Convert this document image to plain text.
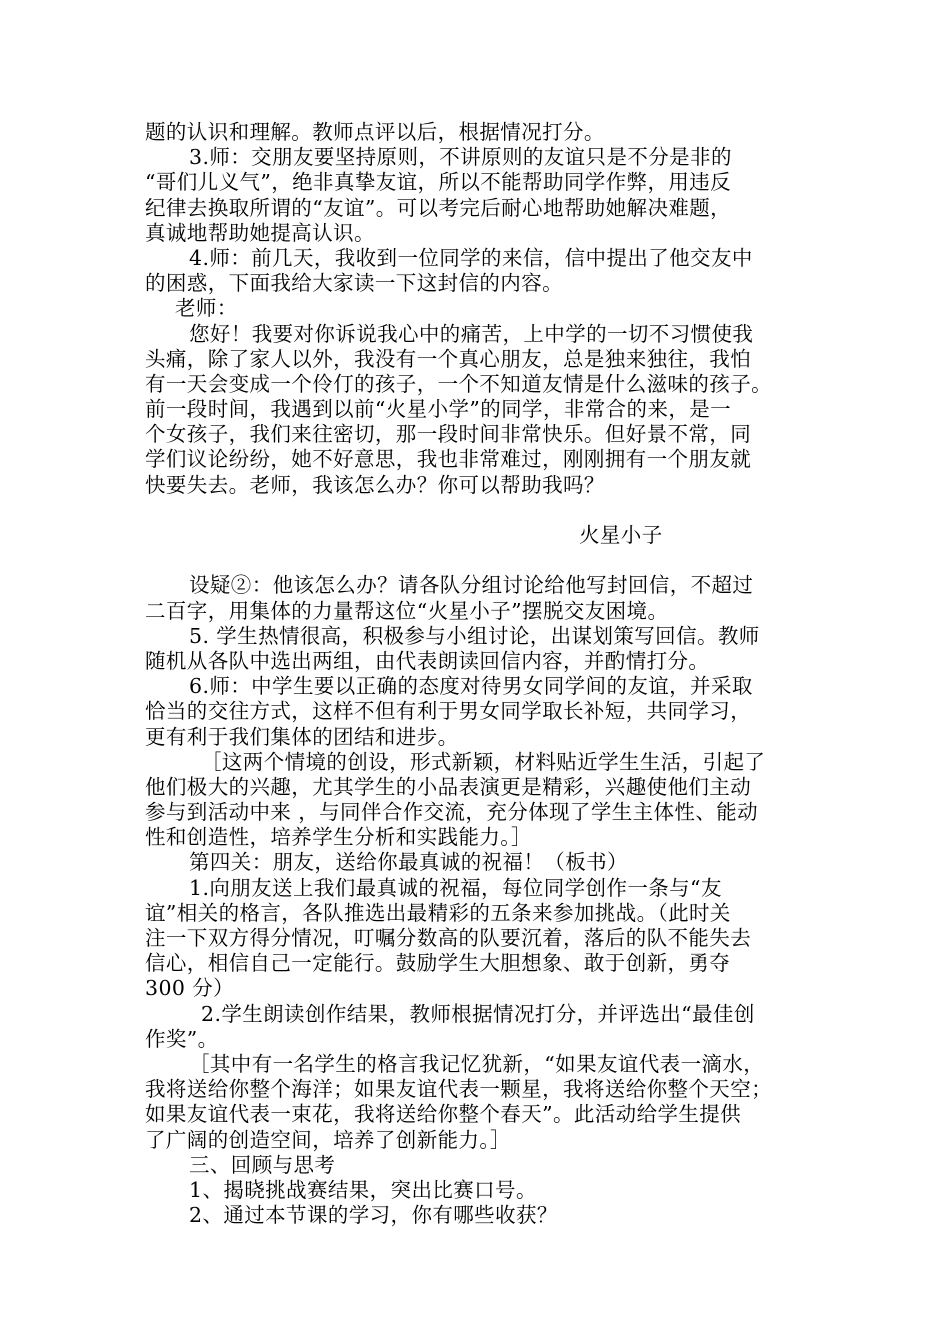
题的认识和理解。教师点评以后，根据情况打分。
3.师：交朋友要坚持原则，不讲原则的友谊只是不分是非的
“哥们儿义气”，绝非真挚友谊，所以不能帮助同学作弊，用违反
纪律去换取所谓的“友谊”。可以考完后耐心地帮助她解决难题，
真诚地帮助她提高认识。
4.师：前几天，我收到一位同学的来信，信中提出了他交友中
的困惑，下面我给大家读一下这封信的内容。
老师：
您好！我要对你诉说我心中的痛苦，上中学的一切不习惯使我
头痛，除了家人以外，我没有一个真心朋友，总是独来独往，我怕
有一天会变成一个伶仃的孩子，一个不知道友情是什么滋味的孩子。
前一段时间，我遇到以前“火星小学”的同学，非常合的来，是一
个女孩子，我们来往密切，那一段时间非常快乐。但好景不常，同
学们议论纷纷，她不好意思，我也非常难过，刚刚拥有一个朋友就
快要失去。老师，我该怎么办？你可以帮助我吗？
火星小子
设疑②：他该怎么办？请各队分组讨论给他写封回信，不超过
二百字，用集体的力量帮这位“火星小子”摆脱交友困境。
5. 学生热情很高，积极参与小组讨论，出谋划策写回信。教师
随机从各队中选出两组，由代表朗读回信内容，并酌情打分。
6.师：中学生要以正确的态度对待男女同学间的友谊，并采取
恰当的交往方式，这样不但有利于男女同学取长补短，共同学习，
更有利于我们集体的团结和进步。
［这两个情境的创设，形式新颖，材料贴近学生生活，引起了
他们极大的兴趣，尤其学生的小品表演更是精彩，兴趣使他们主动
参与到活动中来 ，与同伴合作交流，充分体现了学生主体性、能动
性和创造性，培养学生分析和实践能力。］
第四关：朋友，送给你最真诚的祝福！（板书）
1.向朋友送上我们最真诚的祝福，每位同学创作一条与“友
谊”相关的格言，各队推选出最精彩的五条来参加挑战。（此时关
注一下双方得分情况，叮嘱分数高的队要沉着，落后的队不能失去
信心，相信自己一定能行。鼓励学生大胆想象、敢于创新，勇夺
300 分）
2.学生朗读创作结果，教师根据情况打分，并评选出“最佳创
作奖”。
［其中有一名学生的格言我记忆犹新，“如果友谊代表一滴水，
我将送给你整个海洋；如果友谊代表一颗星，我将送给你整个天空；
如果友谊代表一束花，我将送给你整个春天”。此活动给学生提供
了广阔的创造空间，培养了创新能力。］
三、回顾与思考
1、揭晓挑战赛结果，突出比赛口号。
2、通过本节课的学习，你有哪些收获？
